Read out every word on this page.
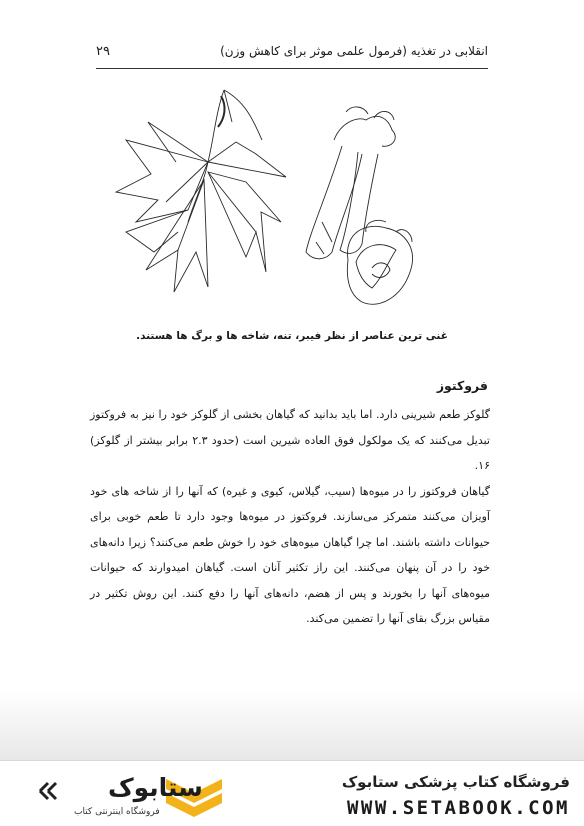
انقلابی در تغذیه (فرمول علمی موثر برای کاهش وزن)
۲۹
غنی ترین عناصر از نظر فیبر، تنه، شاخه ها و برگ ها هستند.
فروکتوز

گلوکز طعم شیرینی دارد. اما باید بدانید که گیاهان بخشی از گلوکز خود را نیز به فروکتوز تبدیل می‌کنند که یک مولکول فوق العاده شیرین است (حدود ۲.۳ برابر بیشتر از گلوکز) ۱۶.

گیاهان فروکتوز را در میوه‌ها (سیب، گیلاس، کیوی و غیره) که آنها را از شاخه های خود آویزان می‌کنند متمرکز می‌سازند. فروکتوز در میوه‌ها وجود دارد تا طعم خوبی برای حیوانات داشته باشند. اما چرا گیاهان میوه‌های خود را خوش طعم می‌کنند؟ زیرا دانه‌های خود را در آن پنهان می‌کنند. این راز تکثیر آنان است. گیاهان امیدوارند که حیوانات میوه‌های آنها را بخورند و پس از هضم، دانه‌های آنها را دفع کنند. این روش تکثیر در مقیاس بزرگ بقای آنها را تضمین می‌کند.

ستابوک
فروشگاه اینترنتی کتاب
فروشگاه کتاب پزشکی ستابوک
WWW.SETABOOK.COM
